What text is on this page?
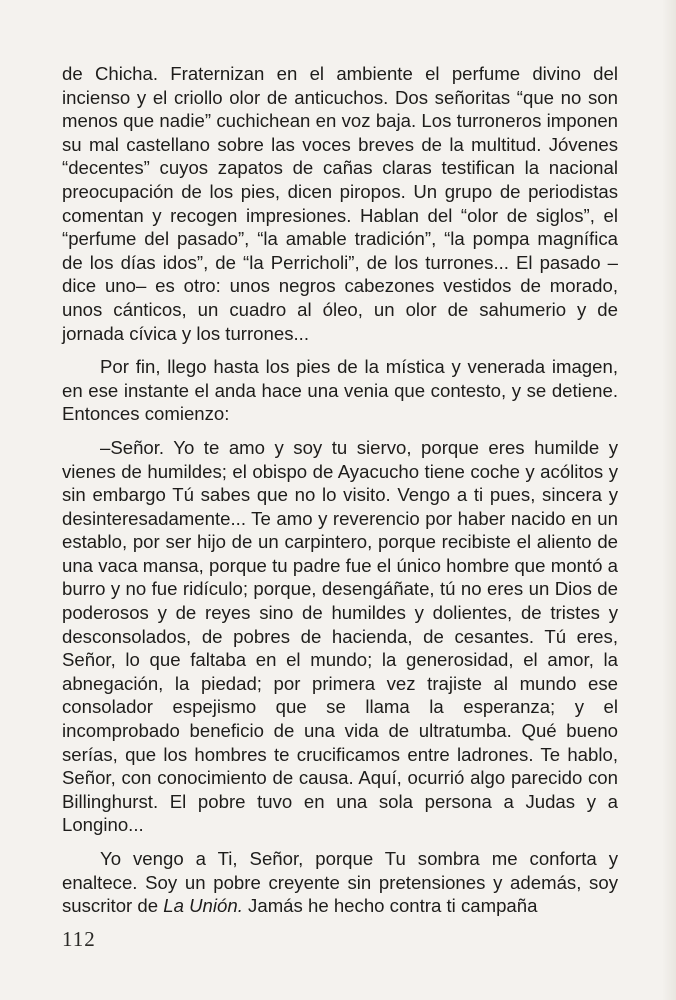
de Chicha. Fraternizan en el ambiente el perfume divino del incienso y el criollo olor de anticuchos. Dos señoritas “que no son menos que nadie” cuchichean en voz baja. Los turroneros imponen su mal castellano sobre las voces breves de la multitud. Jóvenes “decentes” cuyos zapatos de cañas claras testifican la nacional preocupación de los pies, dicen piropos. Un grupo de periodistas comentan y recogen impresiones. Hablan del “olor de siglos”, el “perfume del pasado”, “la amable tradición”, “la pompa magnífica de los días idos”, de “la Perricholi”, de los turrones... El pasado –dice uno– es otro: unos negros cabezones vestidos de morado, unos cánticos, un cuadro al óleo, un olor de sahumerio y de jornada cívica y los turrones...

Por fin, llego hasta los pies de la mística y venerada imagen, en ese instante el anda hace una venia que contesto, y se detiene. Entonces comienzo:

–Señor. Yo te amo y soy tu siervo, porque eres humilde y vienes de humildes; el obispo de Ayacucho tiene coche y acólitos y sin embargo Tú sabes que no lo visito. Vengo a ti pues, sincera y desinteresadamente... Te amo y reverencio por haber nacido en un establo, por ser hijo de un carpintero, porque recibiste el aliento de una vaca mansa, porque tu padre fue el único hombre que montó a burro y no fue ridículo; porque, desengáñate, tú no eres un Dios de poderosos y de reyes sino de humildes y dolientes, de tristes y desconsolados, de pobres de hacienda, de cesantes. Tú eres, Señor, lo que faltaba en el mundo; la generosidad, el amor, la abnegación, la piedad; por primera vez trajiste al mundo ese consolador espejismo que se llama la esperanza; y el incomprobado beneficio de una vida de ultratumba. Qué bueno serías, que los hombres te crucificamos entre ladrones. Te hablo, Señor, con conocimiento de causa. Aquí, ocurrió algo parecido con Billinghurst. El pobre tuvo en una sola persona a Judas y a Longino...

Yo vengo a Ti, Señor, porque Tu sombra me conforta y enaltece. Soy un pobre creyente sin pretensiones y además, soy suscritor de La Unión. Jamás he hecho contra ti campaña

112
